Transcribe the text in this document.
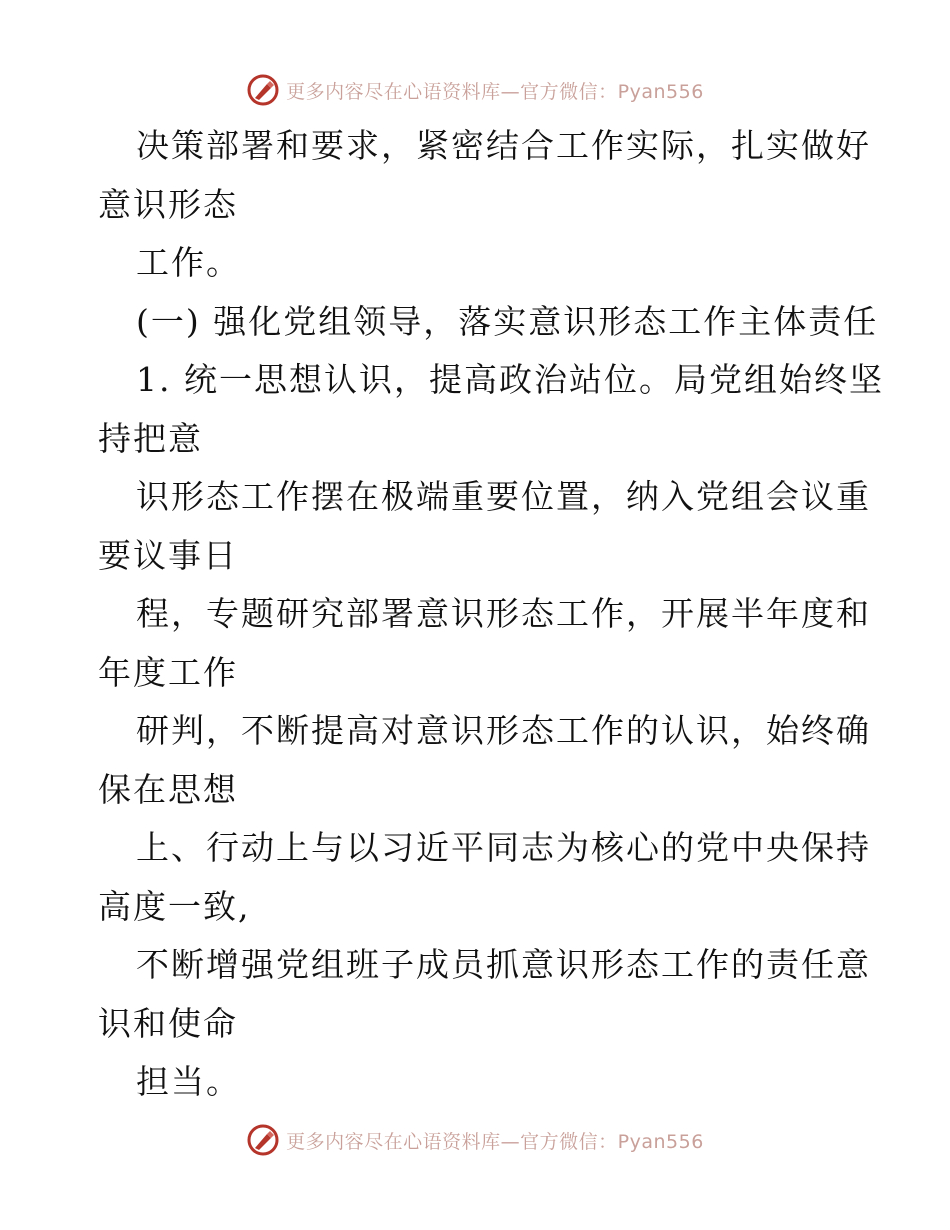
更多内容尽在心语资料库—官方微信：Pyan556
决策部署和要求，紧密结合工作实际，扎实做好
意识形态
工作。
(一) 强化党组领导，落实意识形态工作主体责任
1. 统一思想认识，提高政治站位。局党组始终坚
持把意
识形态工作摆在极端重要位置，纳入党组会议重
要议事日
程，专题研究部署意识形态工作，开展半年度和
年度工作
研判，不断提高对意识形态工作的认识，始终确
保在思想
上、行动上与以习近平同志为核心的党中央保持
高度一致,
不断增强党组班子成员抓意识形态工作的责任意
识和使命
担当。
更多内容尽在心语资料库—官方微信：Pyan556
